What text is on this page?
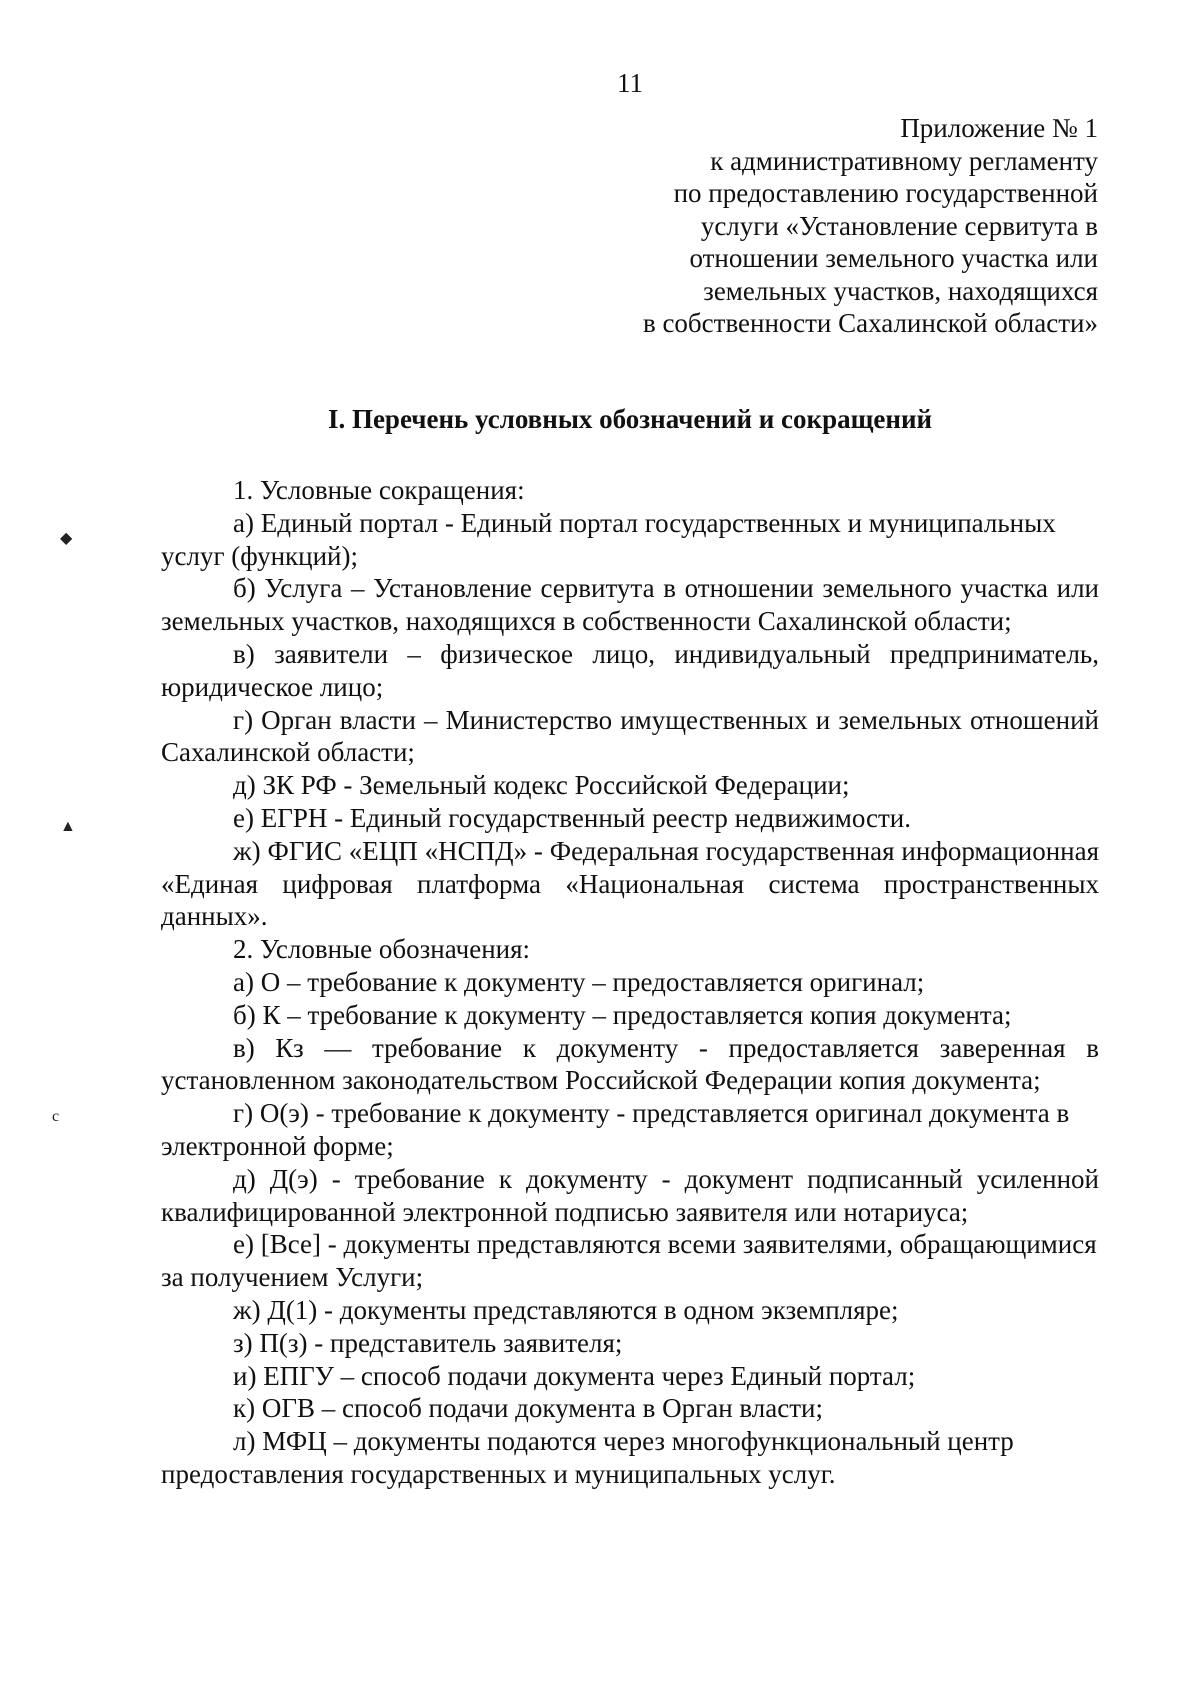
11
Приложение № 1
к административному регламенту
по предоставлению государственной
услуги «Установление сервитута в
отношении земельного участка или
земельных участков, находящихся
в собственности Сахалинской области»
I. Перечень условных обозначений и сокращений

1. Условные сокращения:

а) Единый портал - Единый портал государственных и муниципальных услуг (функций);

б) Услуга – Установление сервитута в отношении земельного участка или земельных участков, находящихся в собственности Сахалинской области;

в) заявители – физическое лицо, индивидуальный предприниматель, юридическое лицо;

г) Орган власти – Министерство имущественных и земельных отношений Сахалинской области;

д) ЗК РФ - Земельный кодекс Российской Федерации;

е) ЕГРН - Единый государственный реестр недвижимости.

ж) ФГИС «ЕЦП «НСПД» - Федеральная государственная информационная «Единая цифровая платформа «Национальная система пространственных данных».

2. Условные обозначения:

а) О – требование к документу – предоставляется оригинал;

б) К – требование к документу – предоставляется копия документа;

в) Кз — требование к документу - предоставляется заверенная в установленном законодательством Российской Федерации копия документа;

г) О(э) - требование к документу - представляется оригинал документа в электронной форме;

д) Д(э) - требование к документу - документ подписанный усиленной квалифицированной электронной подписью заявителя или нотариуса;

е) [Все] - документы представляются всеми заявителями, обращающимися за получением Услуги;

ж) Д(1) - документы представляются в одном экземпляре;

з) П(з) - представитель заявителя;

и) ЕПГУ – способ подачи документа через Единый портал;

к) ОГВ – способ подачи документа в Орган власти;

л) МФЦ – документы подаются через многофункциональный центр предоставления государственных и муниципальных услуг.

◆
▲
c
